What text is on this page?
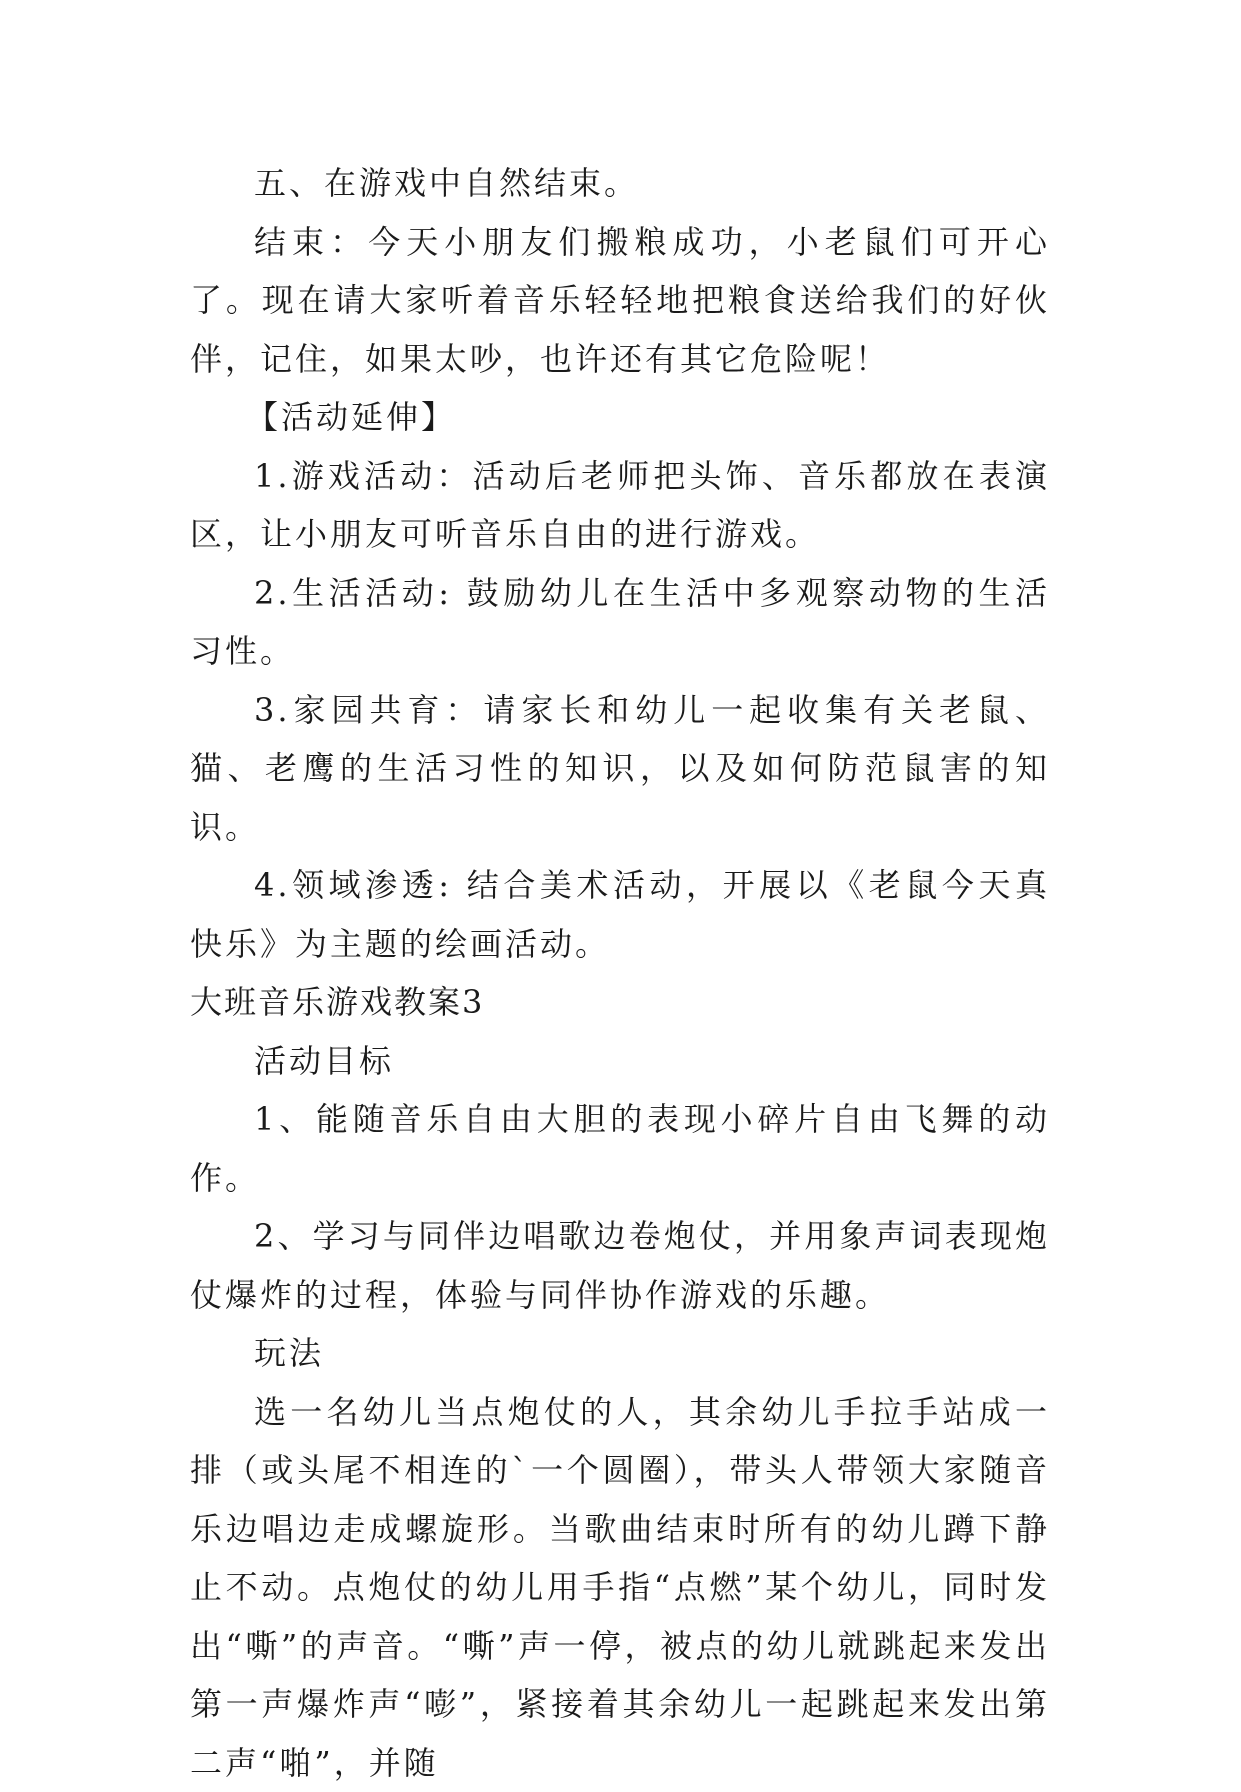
五、在游戏中自然结束。

结束：今天小朋友们搬粮成功，小老鼠们可开心了。现在请大家听着音乐轻轻地把粮食送给我们的好伙伴，记住，如果太吵，也许还有其它危险呢！

【活动延伸】

1.游戏活动：活动后老师把头饰、音乐都放在表演区，让小朋友可听音乐自由的进行游戏。

2.生活活动: 鼓励幼儿在生活中多观察动物的生活习性。

3.家园共育：请家长和幼儿一起收集有关老鼠、猫、老鹰的生活习性的知识，以及如何防范鼠害的知识。

4.领域渗透: 结合美术活动，开展以《老鼠今天真快乐》为主题的绘画活动。

大班音乐游戏教案3

活动目标

1、能随音乐自由大胆的表现小碎片自由飞舞的动作。

2、学习与同伴边唱歌边卷炮仗，并用象声词表现炮仗爆炸的过程，体验与同伴协作游戏的乐趣。

玩法

选一名幼儿当点炮仗的人，其余幼儿手拉手站成一排（或头尾不相连的`一个圆圈），带头人带领大家随音乐边唱边走成螺旋形。当歌曲结束时所有的幼儿蹲下静止不动。点炮仗的幼儿用手指“点燃”某个幼儿，同时发出“嘶”的声音。“嘶”声一停，被点的幼儿就跳起来发出第一声爆炸声“嘭”，紧接着其余幼儿一起跳起来发出第二声“啪”，并随
